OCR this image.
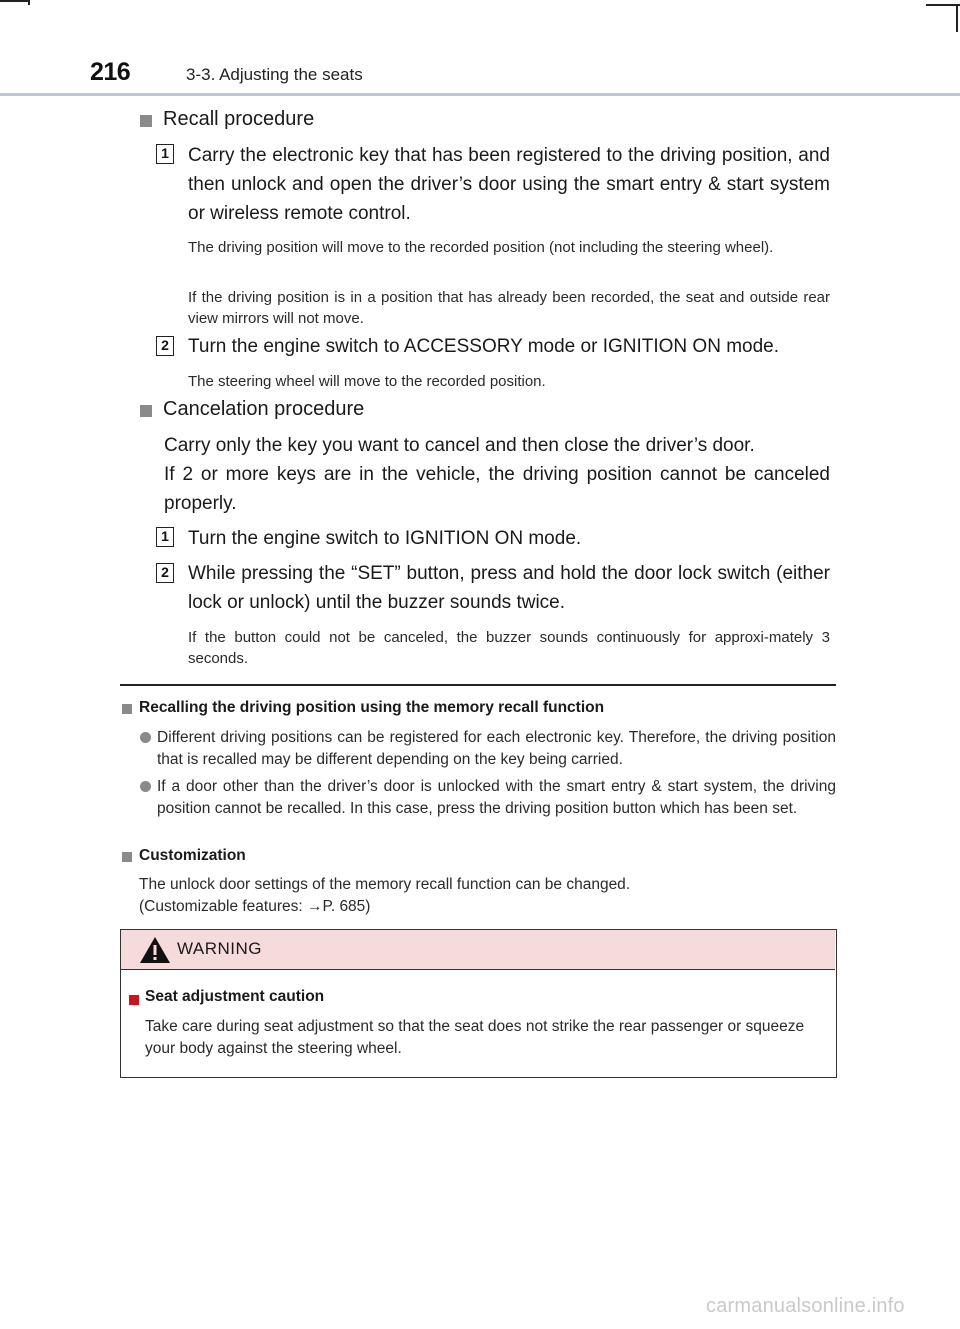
216	3-3. Adjusting the seats
Recall procedure
1 Carry the electronic key that has been registered to the driving position, and then unlock and open the driver’s door using the smart entry & start system or wireless remote control.
The driving position will move to the recorded position (not including the steering wheel).
If the driving position is in a position that has already been recorded, the seat and outside rear view mirrors will not move.
2 Turn the engine switch to ACCESSORY mode or IGNITION ON mode.
The steering wheel will move to the recorded position.
Cancelation procedure
Carry only the key you want to cancel and then close the driver’s door.
If 2 or more keys are in the vehicle, the driving position cannot be canceled properly.
1 Turn the engine switch to IGNITION ON mode.
2 While pressing the “SET” button, press and hold the door lock switch (either lock or unlock) until the buzzer sounds twice.
If the button could not be canceled, the buzzer sounds continuously for approxi-mately 3 seconds.
Recalling the driving position using the memory recall function
Different driving positions can be registered for each electronic key. Therefore, the driving position that is recalled may be different depending on the key being carried.
If a door other than the driver’s door is unlocked with the smart entry & start system, the driving position cannot be recalled. In this case, press the driving position button which has been set.
Customization
The unlock door settings of the memory recall function can be changed.
(Customizable features: →P. 685)
WARNING
Seat adjustment caution
Take care during seat adjustment so that the seat does not strike the rear passenger or squeeze your body against the steering wheel.
carmanualsonline.info
